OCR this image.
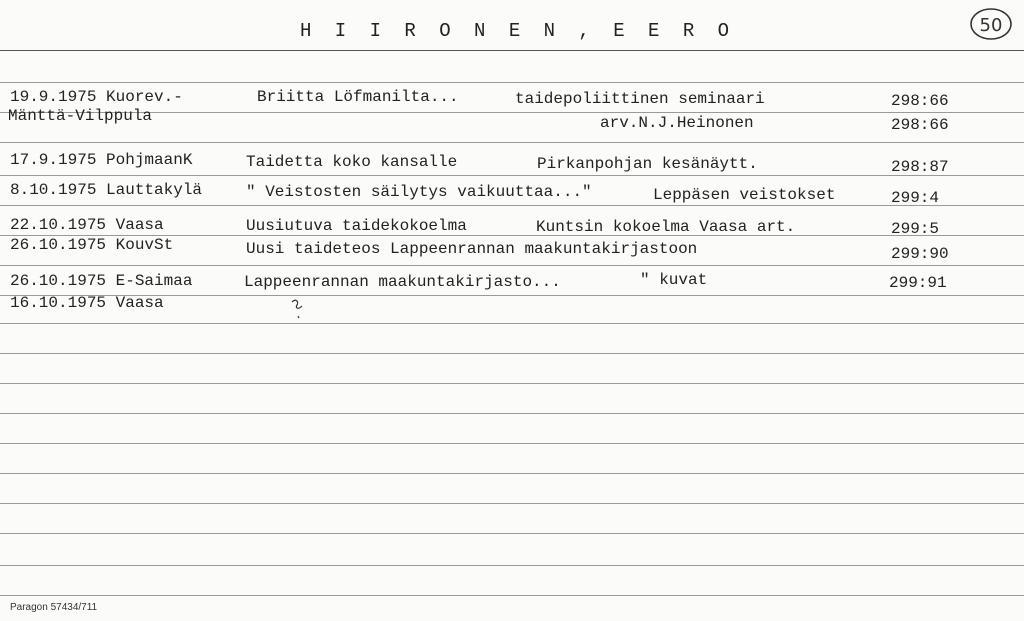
H I I R O N E N , E E R O	50
19.9.1975 Kuorev.-	Briitta Löfmanilta...	taidepoliittinen seminaari	298:66
Mänttä-Vilppula	arv.N.J.Heinonen	298:66
17.9.1975 PohjmaanK	Taidetta koko kansalle	Pirkanpohjan kesänäytt.	298:87
8.10.1975 Lauttakylä	" Veistosten säilytys vaikuuttaa..."	Leppäsen veistokset	299:4
22.10.1975 Vaasa	Uusiutuva taidekokoelma	Kuntsin kokoelma Vaasa art.	299:5
26.10.1975 KouvSt	Uusi taideteos Lappeenrannan maakuntakirjastoon	299:90
26.10.1975 E-Saimaa	Lappeenrannan maakuntakirjasto...	" kuvat	299:91
16.10.1975 Vaasa
Paragon 57434/711
